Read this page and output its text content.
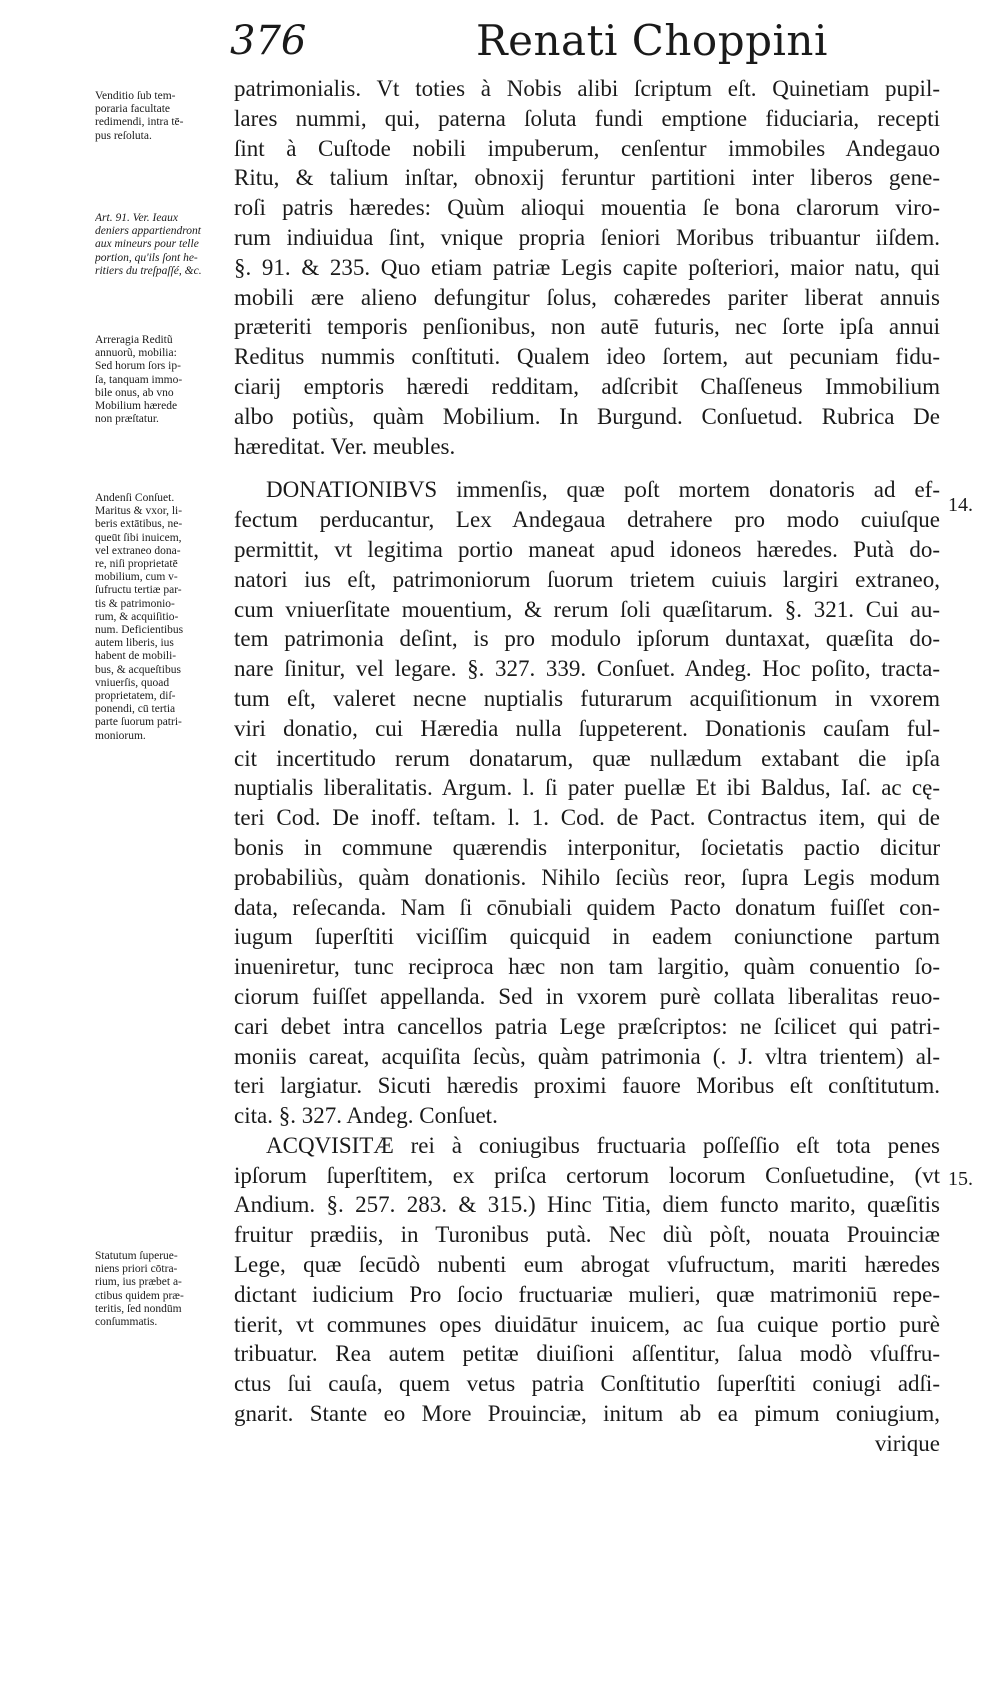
376	Renati Choppini
patrimonialis. Vt toties à Nobis alibi ſcriptum eſt. Quinetiam pupil-
lares nummi, qui, paterna ſoluta fundi emptione fiduciaria, recepti
ſint à Cuſtode nobili impuberum, cenſentur immobiles Andegauo
Ritu, & talium inſtar, obnoxij feruntur partitioni inter liberos gene-
roſi patris hæredes: Quùm alioqui mouentia ſe bona clarorum viro-
rum indiuidua ſint, vnique propria ſeniori Moribus tribuantur iiſdem.
§. 91. & 235. Quo etiam patriæ Legis capite poſteriori, maior natu, qui
mobili ære alieno defungitur ſolus, cohæredes pariter liberat annuis
præteriti temporis penſionibus, non autē futuris, nec ſorte ipſa annui
Reditus nummis conſtituti. Qualem ideo ſortem, aut pecuniam fidu-
ciarij emptoris hæredi redditam, adſcribit Chaſſeneus Immobilium
albo potiùs, quàm Mobilium. In Burgund. Conſuetud. Rubrica De
hæreditat. Ver. meubles.
DONATIONIBVS immenſis, quæ poſt mortem donatoris ad ef-
fectum perducantur, Lex Andegaua detrahere pro modo cuiuſque
permittit, vt legitima portio maneat apud idoneos hæredes. Putà do-
natori ius eſt, patrimoniorum ſuorum trietem cuiuis largiri extraneo,
cum vniuerſitate mouentium, & rerum ſoli quæſitarum. §. 321. Cui au-
tem patrimonia deſint, is pro modulo ipſorum duntaxat, quæſita do-
nare ſinitur, vel legare. §. 327. 339. Conſuet. Andeg. Hoc poſito, tracta-
tum eſt, valeret necne nuptialis futurarum acquiſitionum in vxorem
viri donatio, cui Hæredia nulla ſuppeterent. Donationis cauſam ful-
cit incertitudo rerum donatarum, quæ nullædum extabant die ipſa
nuptialis liberalitatis. Argum. l. ſi pater puellæ Et ibi Baldus, Iaſ. ac cę-
teri Cod. De inoff. teſtam. l. 1. Cod. de Pact. Contractus item, qui de
bonis in commune quærendis interponitur, ſocietatis pactio dicitur
probabiliùs, quàm donationis. Nihilo ſeciùs reor, ſupra Legis modum
data, reſecanda. Nam ſi cōnubiali quidem Pacto donatum fuiſſet con-
iugum ſuperſtiti viciſſim quicquid in eadem coniunctione partum
inueniretur, tunc reciproca hæc non tam largitio, quàm conuentio ſo-
ciorum fuiſſet appellanda. Sed in vxorem purè collata liberalitas reuo-
cari debet intra cancellos patria Lege præſcriptos: ne ſcilicet qui patri-
moniis careat, acquiſita ſecùs, quàm patrimonia (. J. vltra trientem) al-
teri largiatur. Sicuti hæredis proximi fauore Moribus eſt conſtitutum.
cita. §. 327. Andeg. Conſuet.
ACQVISITÆ rei à coniugibus fructuaria poſſeſſio eſt tota penes
ipſorum ſuperſtitem, ex priſca certorum locorum Conſuetudine, (vt
Andium. §. 257. 283. & 315.) Hinc Titia, diem functo marito, quæſitis
fruitur prædiis, in Turonibus putà. Nec diù pòſt, nouata Prouinciæ
Lege, quæ ſecūdò nubenti eum abrogat vſufructum, mariti hæredes
dictant iudicium Pro ſocio fructuariæ mulieri, quæ matrimoniū repe-
tierit, vt communes opes diuidātur inuicem, ac ſua cuique portio purè
tribuatur. Rea autem petitæ diuiſioni aſſentitur, ſalua modò vſuſfru-
ctus ſui cauſa, quem vetus patria Conſtitutio ſuperſtiti coniugi adſi-
gnarit. Stante eo More Prouinciæ, initum ab ea pimum coniugium,
virique
Venditio ſub tem-
poraria facultate
redimendi, intra tē-
pus reſoluta.
Art. 91. Ver. Ieaux
deniers appartiendront
aux mineurs pour telle
portion, qu'ils ſont he-
ritiers du treſpaſſé, &c.
Arreragia Reditũ
annuorũ, mobilia:
Sed horum ſors ip-
ſa, tanquam immo-
bile onus, ab vno
Mobilium hærede
non præſtatur.
Andenſi Conſuet.
Maritus & vxor, li-
beris extātibus, ne-
queūt ſibi inuicem,
vel extraneo dona-
re, niſi proprietatē
mobilium, cum v-
ſufructu tertiæ par-
tis & patrimonio-
rum, & acquiſitio-
num. Deficientibus
autem liberis, ius
habent de mobili-
bus, & acqueſtibus
vniuerſis, quoad
proprietatem, diſ-
ponendi, cū tertia
parte ſuorum patri-
moniorum.
Statutum ſuperue-
niens priori cōtra-
rium, ius præbet a-
ctibus quidem præ-
teritis, ſed nondūm
conſummatis.
14.
15.
